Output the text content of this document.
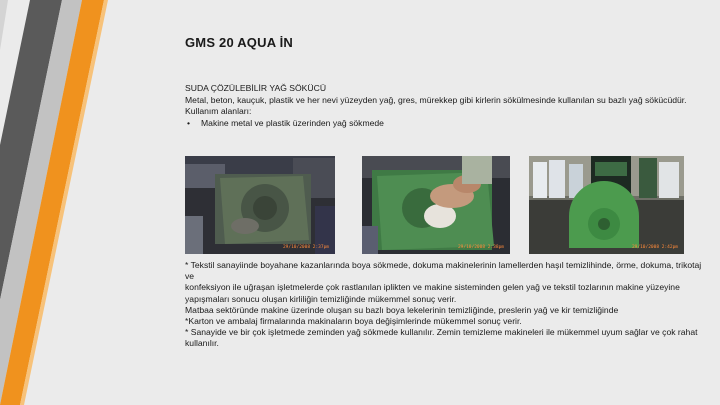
GMS 20 AQUA İN
SUDA ÇÖZÜLEBİLİR YAĞ SÖKÜCÜ
Metal, beton, kauçuk, plastik ve her nevi yüzeyden yağ, gres, mürekkep gibi kirlerin sökülmesinde kullanılan su bazlı yağ sökücüdür.
Kullanım alanları:
• Makine metal ve plastik üzerinden yağ sökmede
29/10/2008 2:37pm	29/10/2008 2:38pm	29/10/2008 2:42pm
* Tekstil sanayiinde boyahane kazanlarında boya sökmede, dokuma makinelerinin lamellerden haşıl temizlihinde, örme, dokuma, trikotaj ve
konfeksiyon ile uğraşan işletmelerde çok rastlanılan iplikten ve makine sisteminden gelen yağ ve tekstil tozlarının makine yüzeyine
yapışmaları sonucu oluşan kirliliğin temizliğinde mükemmel sonuç verir.
Matbaa sektöründe makine üzerinde oluşan su bazlı boya lekelerinin temizliğinde, preslerin yağ ve kir temizliğinde
*Karton ve ambalaj firmalarında makinaların boya değişimlerinde mükemmel sonuç verir.
* Sanayide ve bir çok işletmede zeminden yağ sökmede kullanılır. Zemin temizleme makineleri ile mükemmel uyum sağlar ve çok rahat
kullanılır.
